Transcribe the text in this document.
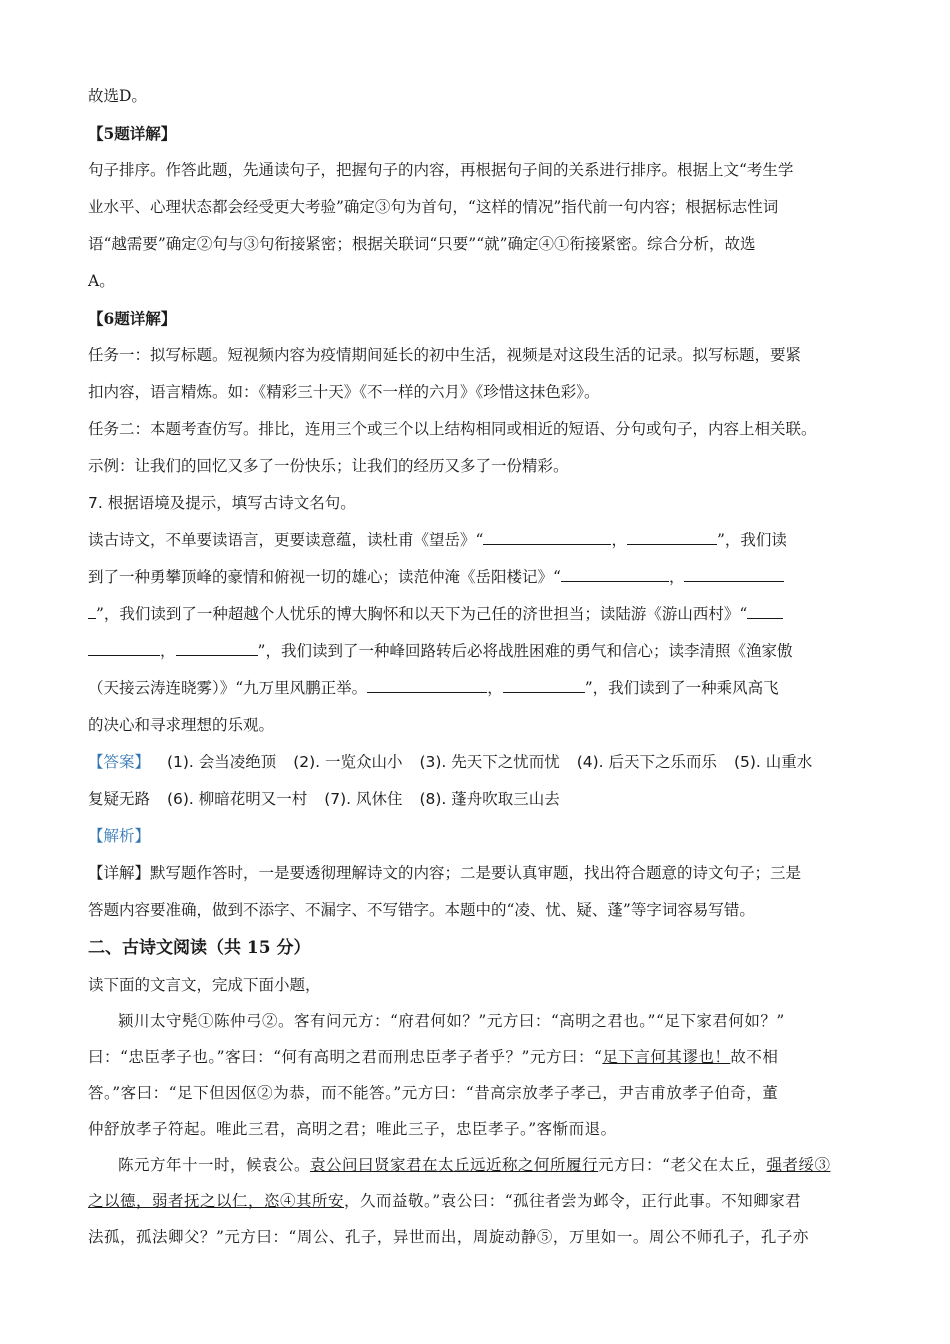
故选D。
【5题详解】
句子排序。作答此题，先通读句子，把握句子的内容，再根据句子间的关系进行排序。根据上文“考生学
业水平、心理状态都会经受更大考验”确定③句为首句，“这样的情况”指代前一句内容；根据标志性词
语“越需要”确定②句与③句衔接紧密；根据关联词“只要”“就”确定④①衔接紧密。综合分析，故选
A。
【6题详解】
任务一：拟写标题。短视频内容为疫情期间延长的初中生活，视频是对这段生活的记录。拟写标题，要紧
扣内容，语言精炼。如：《精彩三十天》《不一样的六月》《珍惜这抹色彩》。
任务二：本题考查仿写。排比，连用三个或三个以上结构相同或相近的短语、分句或句子，内容上相关联。
示例：让我们的回忆又多了一份快乐；让我们的经历又多了一份精彩。
7. 根据语境及提示，填写古诗文名句。
读古诗文，不单要读语言，更要读意蕴，读杜甫《望岳》“	，	”，我们读
到了一种勇攀顶峰的豪情和俯视一切的雄心；读范仲淹《岳阳楼记》“	，
”，我们读到了一种超越个人忧乐的博大胸怀和以天下为己任的济世担当；读陆游《游山西村》“
，	”，我们读到了一种峰回路转后必将战胜困难的勇气和信心；读李清照《渔家傲
（天接云涛连晓雾）》“九万里风鹏正举。	，	”，我们读到了一种乘风高飞
的决心和寻求理想的乐观。
【答案】 (1). 会当凌绝顶 (2). 一览众山小 (3). 先天下之忧而忧 (4). 后天下之乐而乐 (5). 山重水
复疑无路 (6). 柳暗花明又一村 (7). 风休住 (8). 蓬舟吹取三山去
【解析】
【详解】默写题作答时，一是要透彻理解诗文的内容；二是要认真审题，找出符合题意的诗文句子；三是
答题内容要准确，做到不添字、不漏字、不写错字。本题中的“凌、忧、疑、蓬”等字词容易写错。
二、古诗文阅读（共 15 分）
读下面的文言文，完成下面小题，
颍川太守髡①陈仲弓②。客有问元方：“府君何如？”元方曰：“高明之君也。”“足下家君何如？”
曰：“忠臣孝子也。”客曰：“何有高明之君而刑忠臣孝子者乎？”元方曰：“足下言何其谬也！故不相
答。”客曰：“足下但因伛②为恭，而不能答。”元方曰：“昔高宗放孝子孝己，尹吉甫放孝子伯奇，董
仲舒放孝子符起。唯此三君，高明之君；唯此三子，忠臣孝子。”客惭而退。
陈元方年十一时，候袁公。袁公问曰贤家君在太丘远近称之何所履行元方曰：“老父在太丘，强者绥③
之以德，弱者抚之以仁，恣④其所安，久而益敬。”袁公曰：“孤往者尝为邺令，正行此事。不知卿家君
法孤，孤法卿父？”元方曰：“周公、孔子，异世而出，周旋动静⑤，万里如一。周公不师孔子，孔子亦
